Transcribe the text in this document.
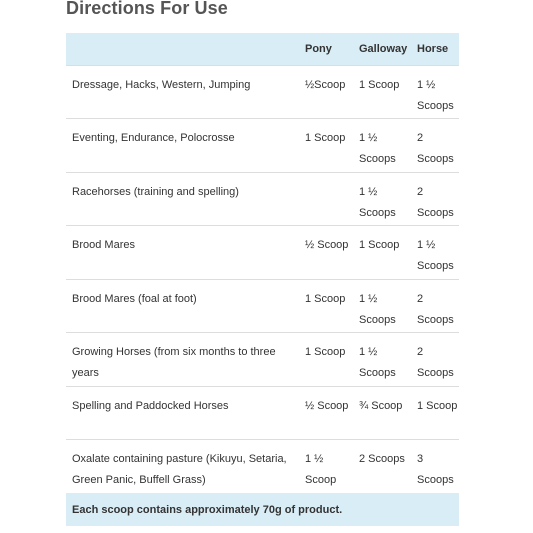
Directions For Use
	Pony	Galloway	Horse
Dressage, Hacks, Western, Jumping	½Scoop	1 Scoop	1 ½ Scoops
Eventing, Endurance, Polocrosse	1 Scoop	1 ½ Scoops	2 Scoops
Racehorses (training and spelling)		1 ½ Scoops	2 Scoops
Brood Mares	½ Scoop	1 Scoop	1 ½ Scoops
Brood Mares (foal at foot)	1 Scoop	1 ½ Scoops	2 Scoops
Growing Horses (from six months to three years	1 Scoop	1 ½ Scoops	2 Scoops
Spelling and Paddocked Horses	½ Scoop	¾ Scoop	1 Scoop
Oxalate containing pasture (Kikuyu, Setaria, Green Panic, Buffell Grass)	1 ½ Scoop	2 Scoops	3 Scoops
Each scoop contains approximately 70g of product.			
